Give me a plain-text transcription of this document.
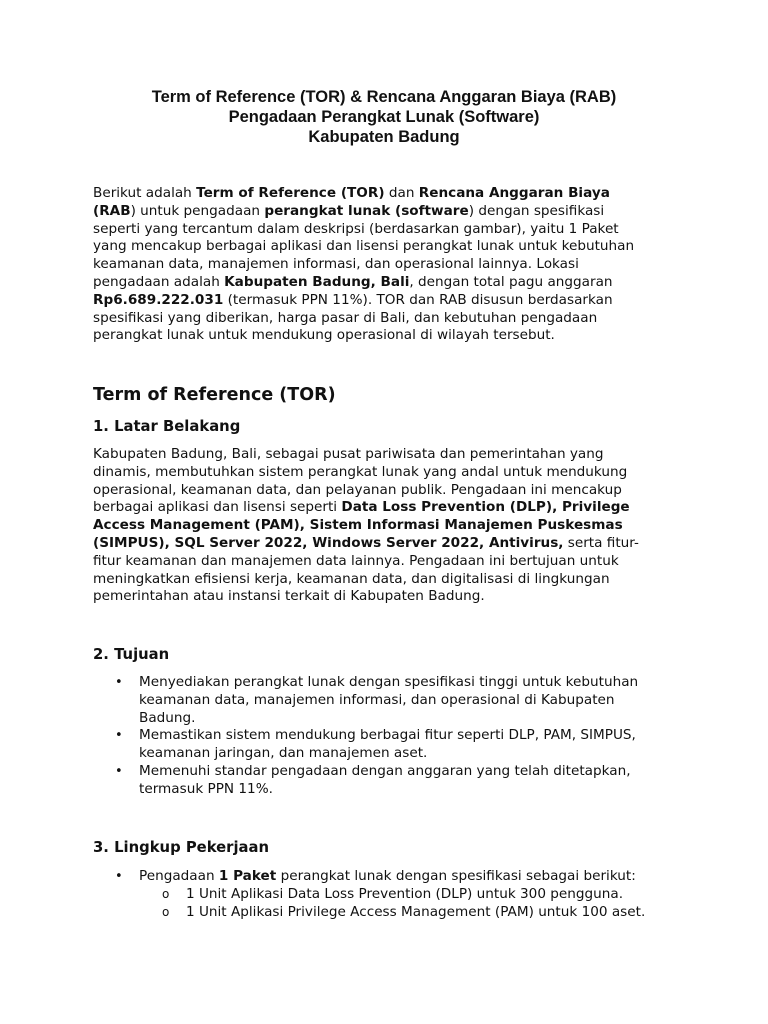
Term of Reference (TOR) & Rencana Anggaran Biaya (RAB)
Pengadaan Perangkat Lunak (Software)
Kabupaten Badung
Berikut adalah Term of Reference (TOR) dan Rencana Anggaran Biaya
(RAB) untuk pengadaan perangkat lunak (software) dengan spesifikasi
seperti yang tercantum dalam deskripsi (berdasarkan gambar), yaitu 1 Paket
yang mencakup berbagai aplikasi dan lisensi perangkat lunak untuk kebutuhan
keamanan data, manajemen informasi, dan operasional lainnya. Lokasi
pengadaan adalah Kabupaten Badung, Bali, dengan total pagu anggaran
Rp6.689.222.031 (termasuk PPN 11%). TOR dan RAB disusun berdasarkan
spesifikasi yang diberikan, harga pasar di Bali, dan kebutuhan pengadaan
perangkat lunak untuk mendukung operasional di wilayah tersebut.
Term of Reference (TOR)
1. Latar Belakang
Kabupaten Badung, Bali, sebagai pusat pariwisata dan pemerintahan yang
dinamis, membutuhkan sistem perangkat lunak yang andal untuk mendukung
operasional, keamanan data, dan pelayanan publik. Pengadaan ini mencakup
berbagai aplikasi dan lisensi seperti Data Loss Prevention (DLP), Privilege
Access Management (PAM), Sistem Informasi Manajemen Puskesmas
(SIMPUS), SQL Server 2022, Windows Server 2022, Antivirus, serta fitur-
fitur keamanan dan manajemen data lainnya. Pengadaan ini bertujuan untuk
meningkatkan efisiensi kerja, keamanan data, dan digitalisasi di lingkungan
pemerintahan atau instansi terkait di Kabupaten Badung.
2. Tujuan
• Menyediakan perangkat lunak dengan spesifikasi tinggi untuk kebutuhan
keamanan data, manajemen informasi, dan operasional di Kabupaten
Badung.
• Memastikan sistem mendukung berbagai fitur seperti DLP, PAM, SIMPUS,
keamanan jaringan, dan manajemen aset.
• Memenuhi standar pengadaan dengan anggaran yang telah ditetapkan,
termasuk PPN 11%.
3. Lingkup Pekerjaan
• Pengadaan 1 Paket perangkat lunak dengan spesifikasi sebagai berikut:
o 1 Unit Aplikasi Data Loss Prevention (DLP) untuk 300 pengguna.
o 1 Unit Aplikasi Privilege Access Management (PAM) untuk 100 aset.
